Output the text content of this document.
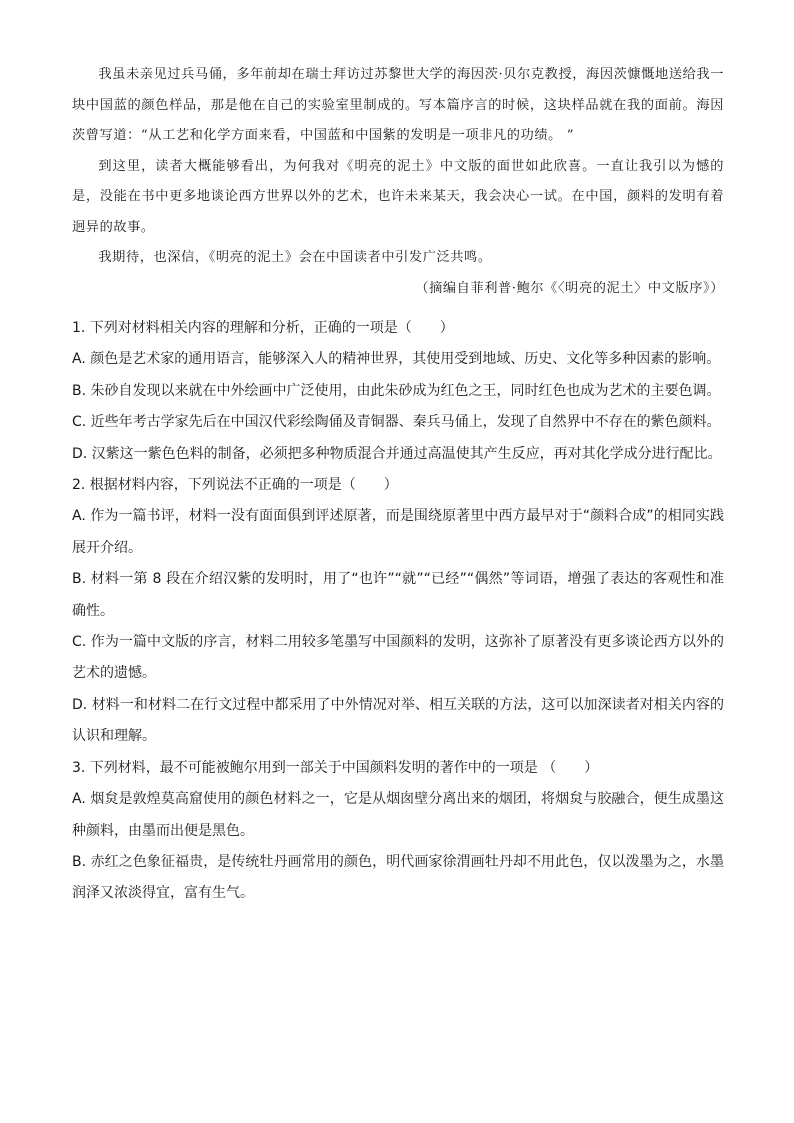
我虽未亲见过兵马俑，多年前却在瑞士拜访过苏黎世大学的海因茨·贝尔克教授，海因茨慷慨地送给我一块中国蓝的颜色样品，那是他在自己的实验室里制成的。写本篇序言的时候，这块样品就在我的面前。海因茨曾写道：“从工艺和化学方面来看，中国蓝和中国紫的发明是一项非凡的功绩。 ”

到这里，读者大概能够看出，为何我对《明亮的泥土》中文版的面世如此欣喜。一直让我引以为憾的是，没能在书中更多地谈论西方世界以外的艺术，也许未来某天，我会决心一试。在中国，颜料的发明有着迥异的故事。

我期待，也深信，《明亮的泥土》会在中国读者中引发广泛共鸣。

（摘编自菲利普·鲍尔《〈明亮的泥土〉中文版序》）

1. 下列对材料相关内容的理解和分析，正确的一项是（　　）

A. 颜色是艺术家的通用语言，能够深入人的精神世界，其使用受到地域、历史、文化等多种因素的影响。

B. 朱砂自发现以来就在中外绘画中广泛使用，由此朱砂成为红色之王，同时红色也成为艺术的主要色调。

C. 近些年考古学家先后在中国汉代彩绘陶俑及青铜器、秦兵马俑上，发现了自然界中不存在的紫色颜料。

D. 汉紫这一紫色色料的制备，必须把多种物质混合并通过高温使其产生反应，再对其化学成分进行配比。

2. 根据材料内容，下列说法不正确的一项是（　　）

A. 作为一篇书评，材料一没有面面俱到评述原著，而是围绕原著里中西方最早对于“颜料合成”的相同实践展开介绍。

B. 材料一第 8 段在介绍汉紫的发明时，用了“也许”“就”“已经”“偶然”等词语，增强了表达的客观性和准确性。

C. 作为一篇中文版的序言，材料二用较多笔墨写中国颜料的发明，这弥补了原著没有更多谈论西方以外的艺术的遗憾。

D. 材料一和材料二在行文过程中都采用了中外情况对举、相互关联的方法，这可以加深读者对相关内容的认识和理解。

3. 下列材料，最不可能被鲍尔用到一部关于中国颜料发明的著作中的一项是 （　　）

A. 烟炱是敦煌莫高窟使用的颜色材料之一，它是从烟囱壁分离出来的烟团，将烟炱与胶融合，便生成墨这种颜料，由墨而出便是黑色。

B. 赤红之色象征福贵，是传统牡丹画常用的颜色，明代画家徐渭画牡丹却不用此色，仅以泼墨为之，水墨润泽又浓淡得宜，富有生气。
